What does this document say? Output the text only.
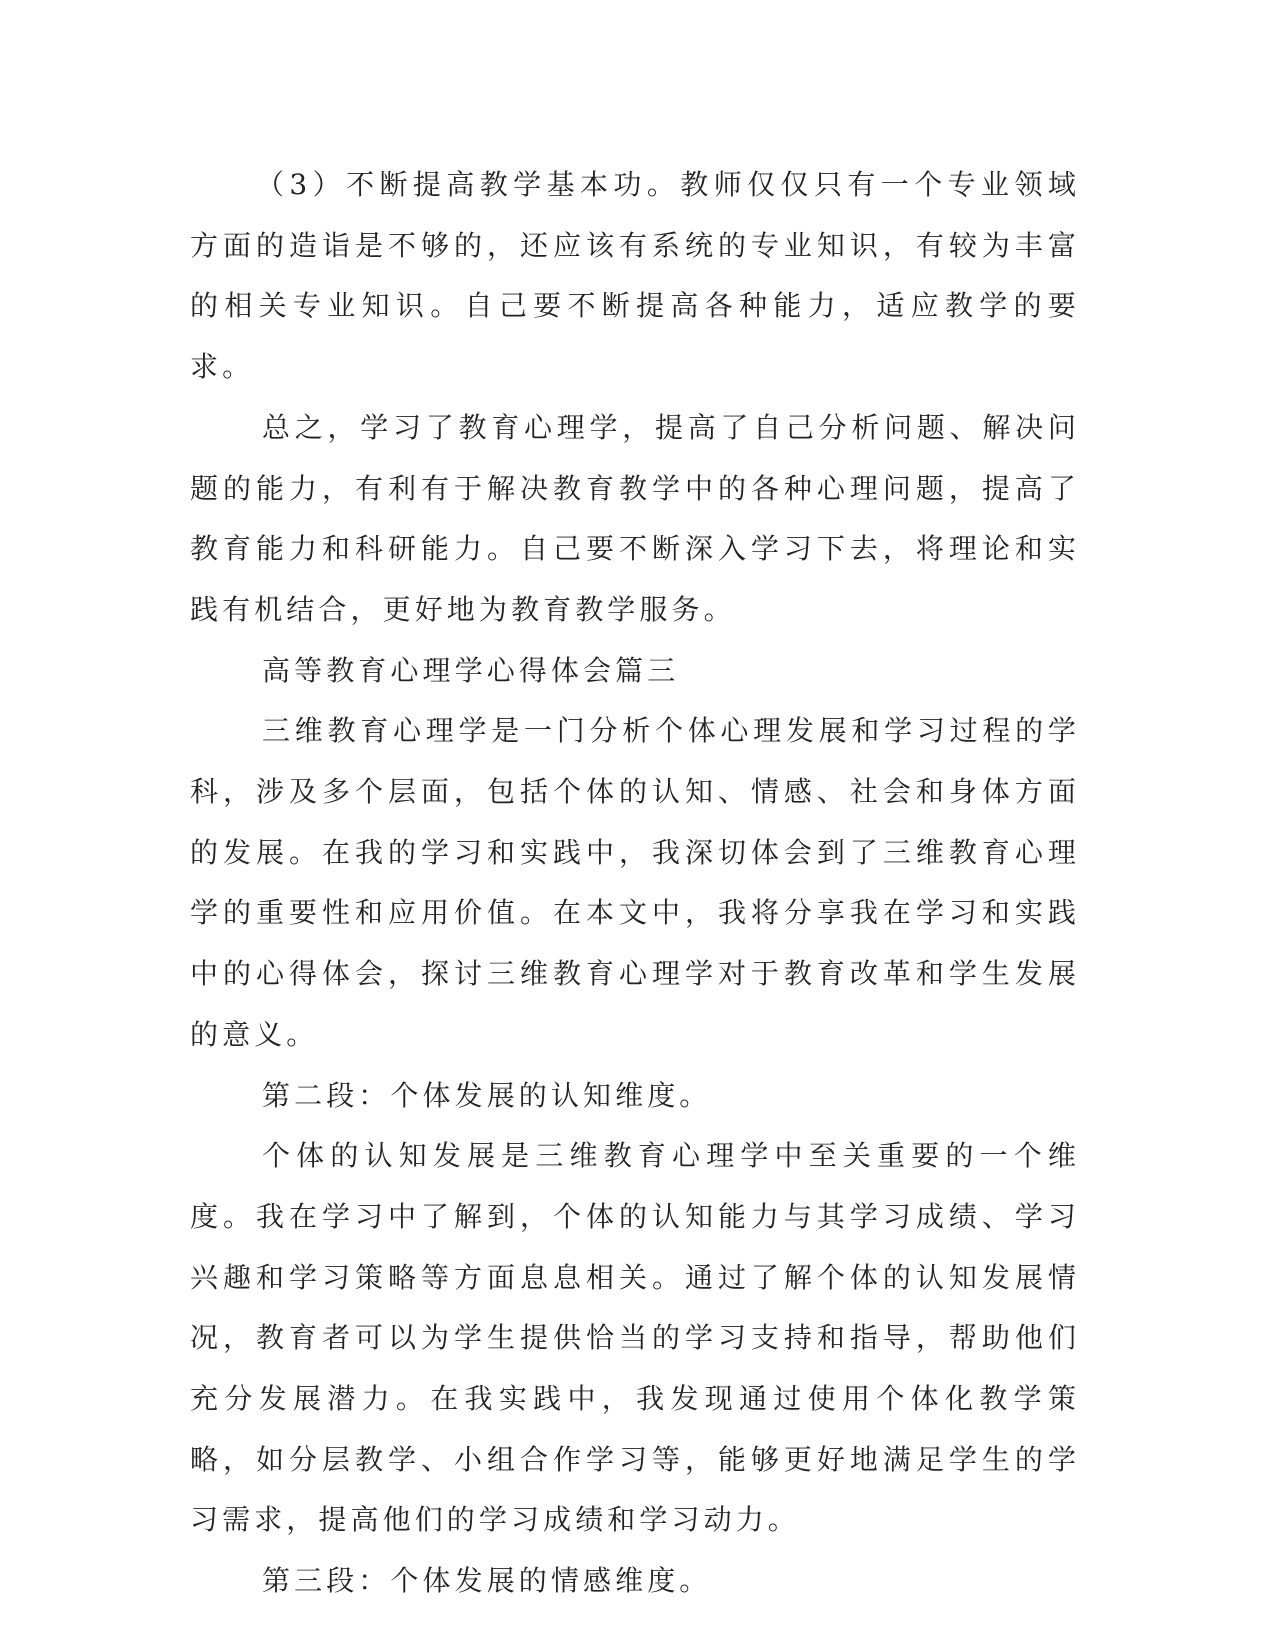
（3）不断提高教学基本功。教师仅仅只有一个专业领域方面的造诣是不够的，还应该有系统的专业知识，有较为丰富的相关专业知识。自己要不断提高各种能力，适应教学的要求。

总之，学习了教育心理学，提高了自己分析问题、解决问题的能力，有利有于解决教育教学中的各种心理问题，提高了教育能力和科研能力。自己要不断深入学习下去，将理论和实践有机结合，更好地为教育教学服务。

高等教育心理学心得体会篇三

三维教育心理学是一门分析个体心理发展和学习过程的学科，涉及多个层面，包括个体的认知、情感、社会和身体方面的发展。在我的学习和实践中，我深切体会到了三维教育心理学的重要性和应用价值。在本文中，我将分享我在学习和实践中的心得体会，探讨三维教育心理学对于教育改革和学生发展的意义。

第二段：个体发展的认知维度。

个体的认知发展是三维教育心理学中至关重要的一个维度。我在学习中了解到，个体的认知能力与其学习成绩、学习兴趣和学习策略等方面息息相关。通过了解个体的认知发展情况，教育者可以为学生提供恰当的学习支持和指导，帮助他们充分发展潜力。在我实践中，我发现通过使用个体化教学策略，如分层教学、小组合作学习等，能够更好地满足学生的学习需求，提高他们的学习成绩和学习动力。

第三段：个体发展的情感维度。
